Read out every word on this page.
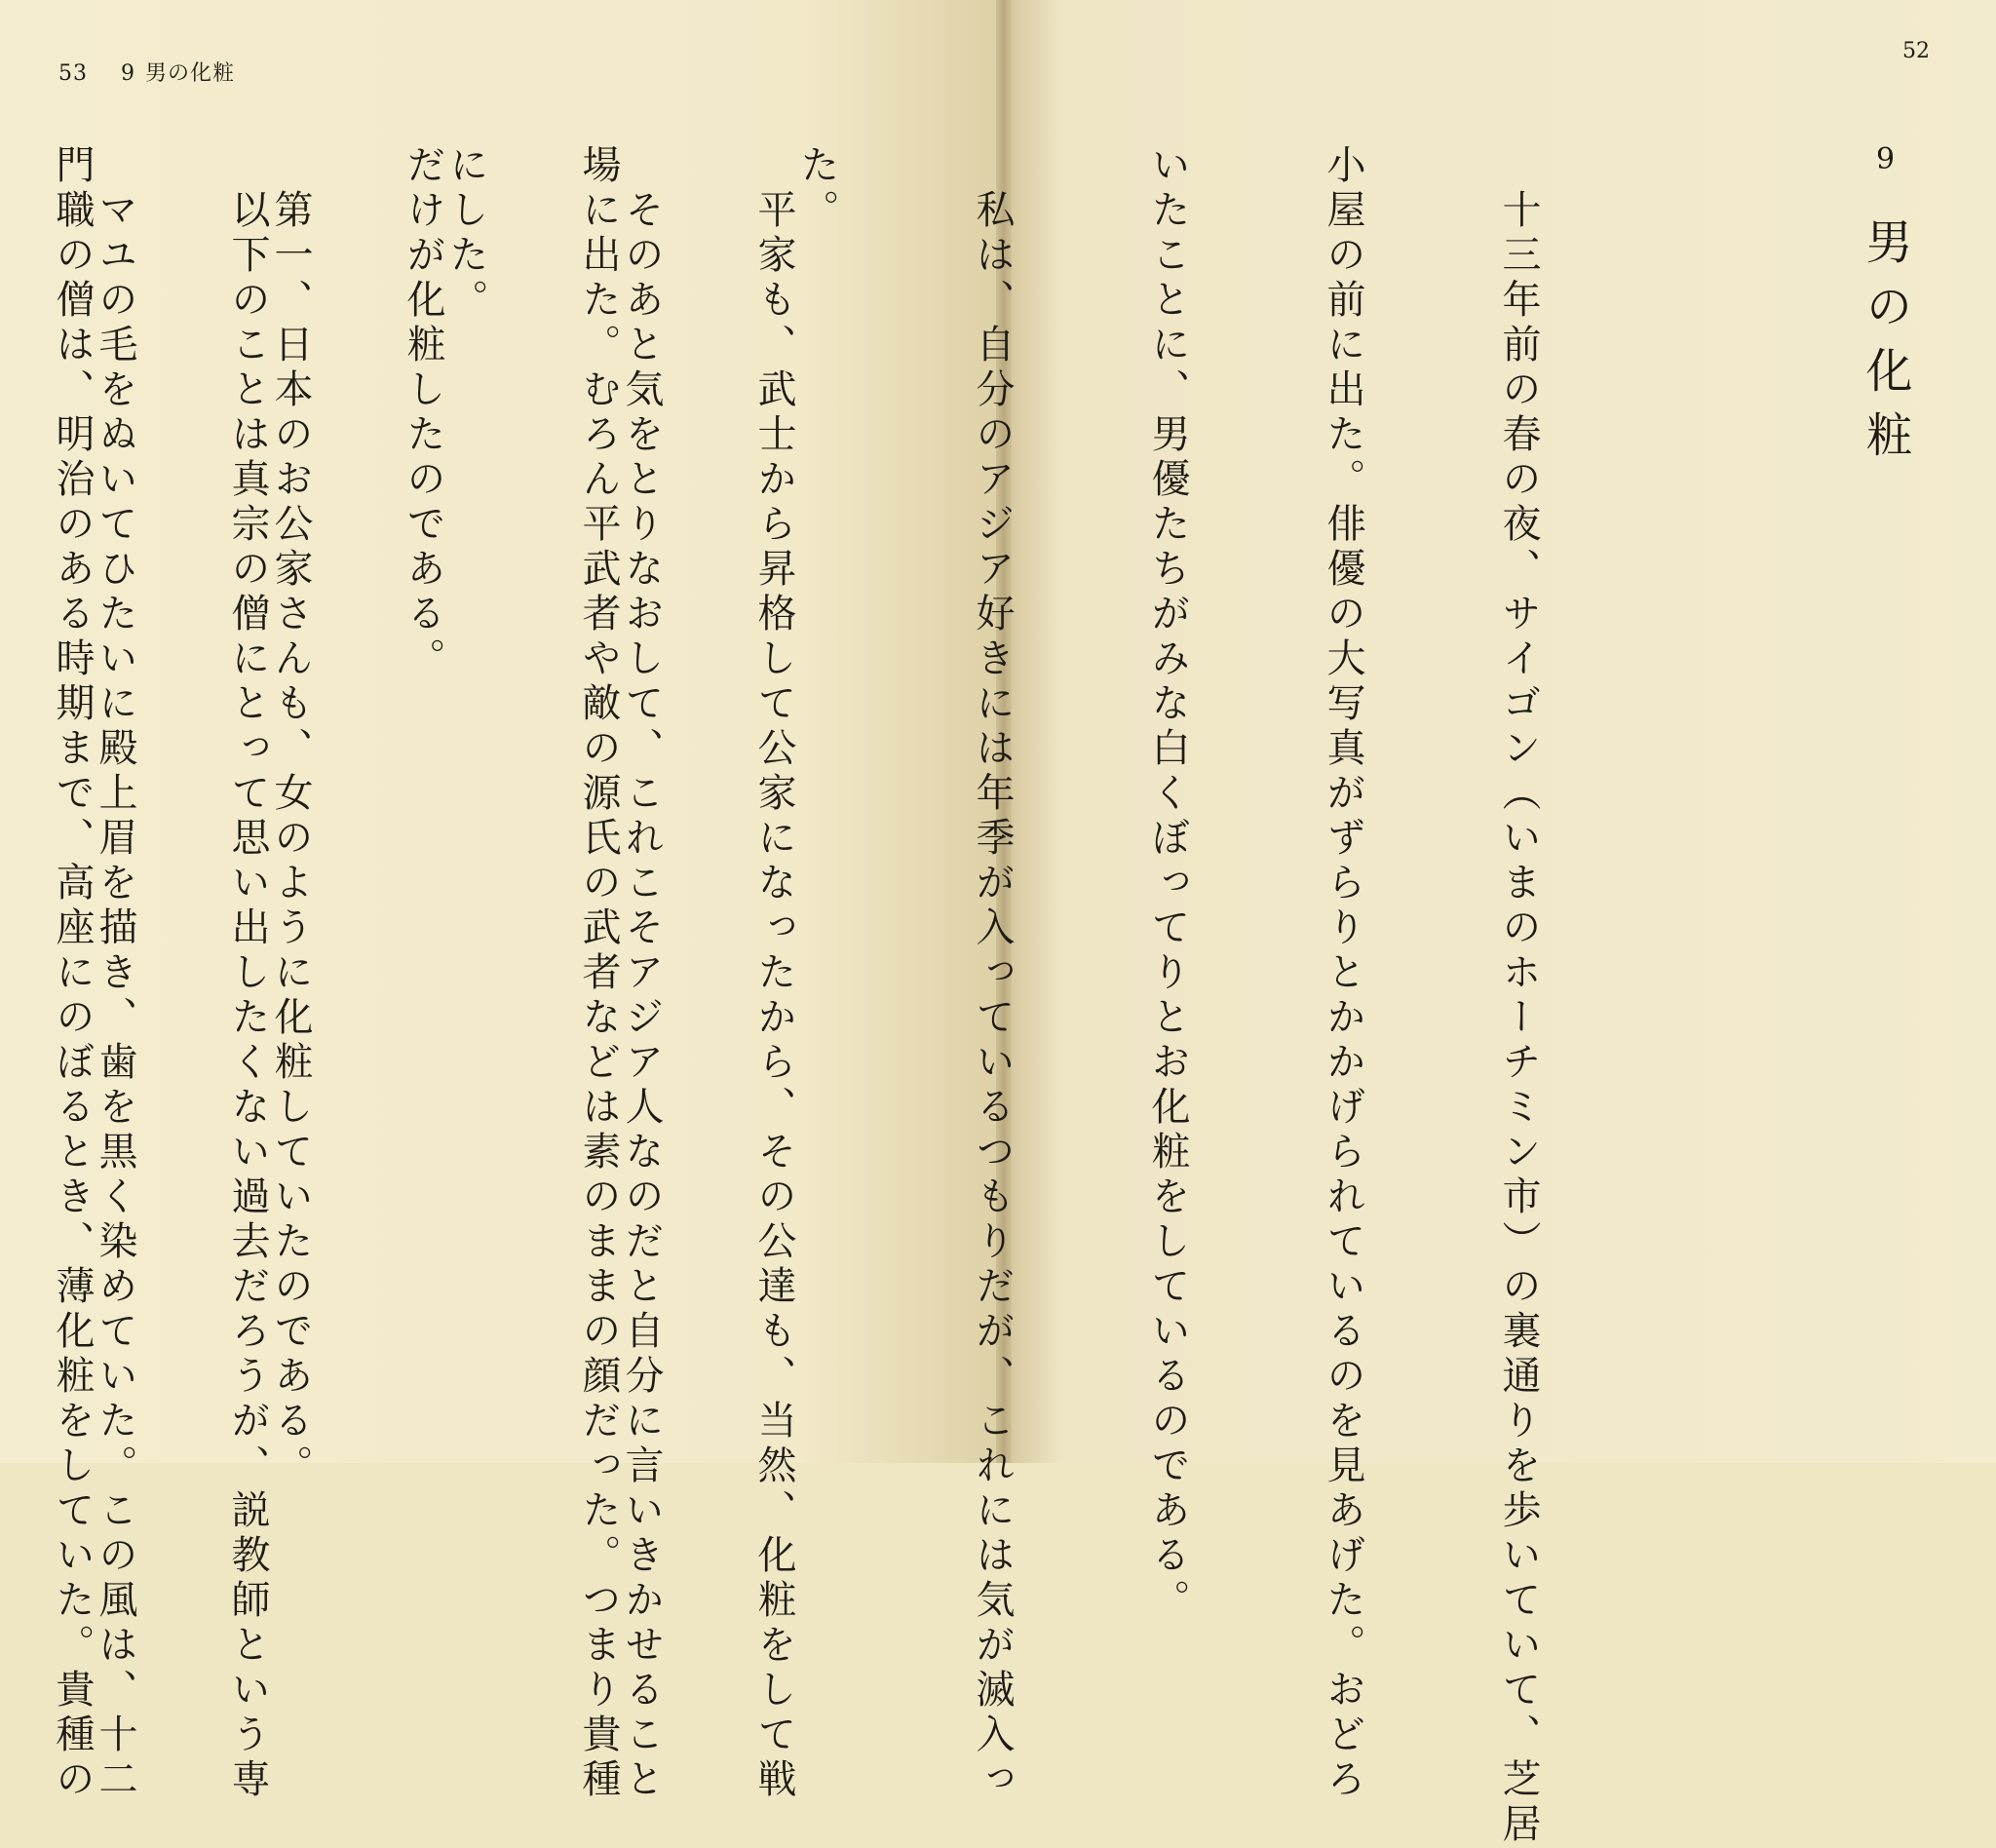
53 9 男の化粧
52
9男の化粧

　十三年前の春の夜、サイゴン（いまのホーチミン市）の裏通りを歩いていて、芝居

小屋の前に出た。俳優の大写真がずらりとかかげられているのを見あげた。おどろ

いたことに、男優たちがみな白くぼってりとお化粧をしているのである。

　私は、自分のアジア好きには年季が入っているつもりだが、これには気が滅入っ

た。

　そのあと気をとりなおして、これこそアジア人なのだと自分に言いきかせること

にした。

　第一、日本のお公家さんも、女のように化粧していたのである。

　マユの毛をぬいてひたいに殿上眉を描き、歯を黒く染めていた。この風は、十二

	　平家も、武士から昇格して公家になったから、その公達も、当然、化粧をして戦

場に出た。むろん平武者や敵の源氏の武者などは素のままの顔だった。つまり貴種

だけが化粧したのである。

　以下のことは真宗の僧にとって思い出したくない過去だろうが、説教師という専

門職の僧は、明治のある時期まで、高座にのぼるとき、薄化粧をしていた。貴種の
